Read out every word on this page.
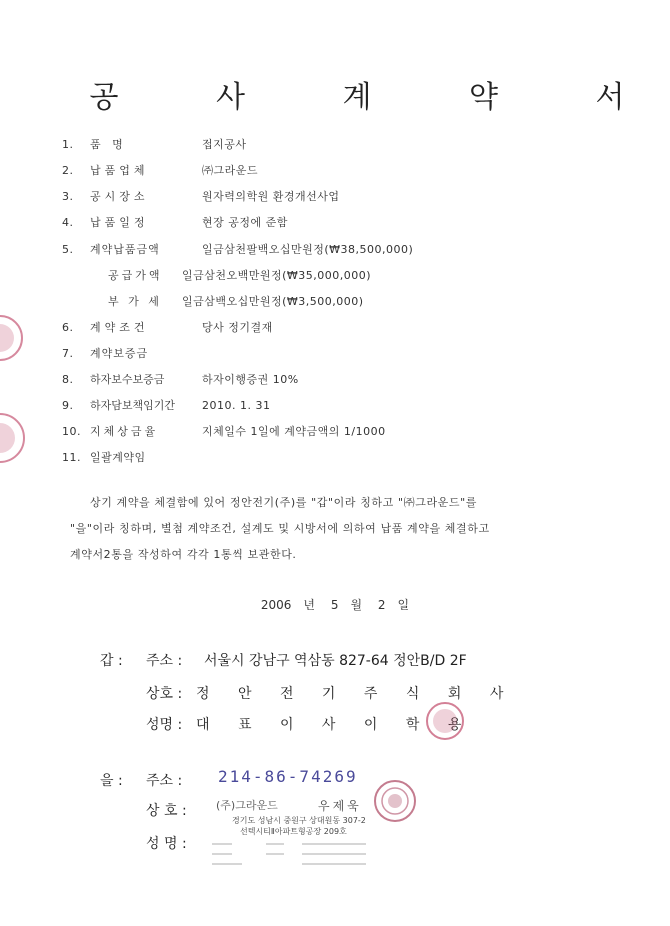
공 사 계 약 서
1. 품 명	접지공사
2. 납품업체	㈜그라운드
3. 공시장소	원자력의학원 환경개선사업
4. 납품일정	현장 공정에 준함
5. 계약납품금액	일금삼천팔백오십만원정(₩38,500,000)
공급가액 일금삼천오백만원정(₩35,000,000)
부 가 세 일금삼백오십만원정(₩3,500,000)
6. 계약조건	당사 정기결재
7. 계약보증금
8. 하자보수보증금	하자이행증권 10%
9. 하자담보책임기간 2010. 1. 31
10. 지체상금율	지체일수 1일에 계약금액의 1/1000
11. 일괄계약임
상기 계약을 체결함에 있어 정안전기(주)를 "갑"이라 칭하고 "㈜그라운드"를
"을"이라 칭하며, 별첨 계약조건, 설계도 및 시방서에 의하여 납품 계약을 체결하고
계약서2통을 작성하여 각각 1통씩 보관한다.
2006 년 5 월 2 일
갑 : 주소 : 서울시 강남구 역삼동 827-64 정안B/D 2F
상호 : 정 안 전 기 주 식 회 사
성명 : 대 표 이 사 이 학 용
을 : 주소 : 214-86-74269
상 호 :	(주)그라운드	우제욱
경기도 성남시 중원구 상대원동 307-2
선텍시티Ⅱ아파트형공장 209호
성 명 :
